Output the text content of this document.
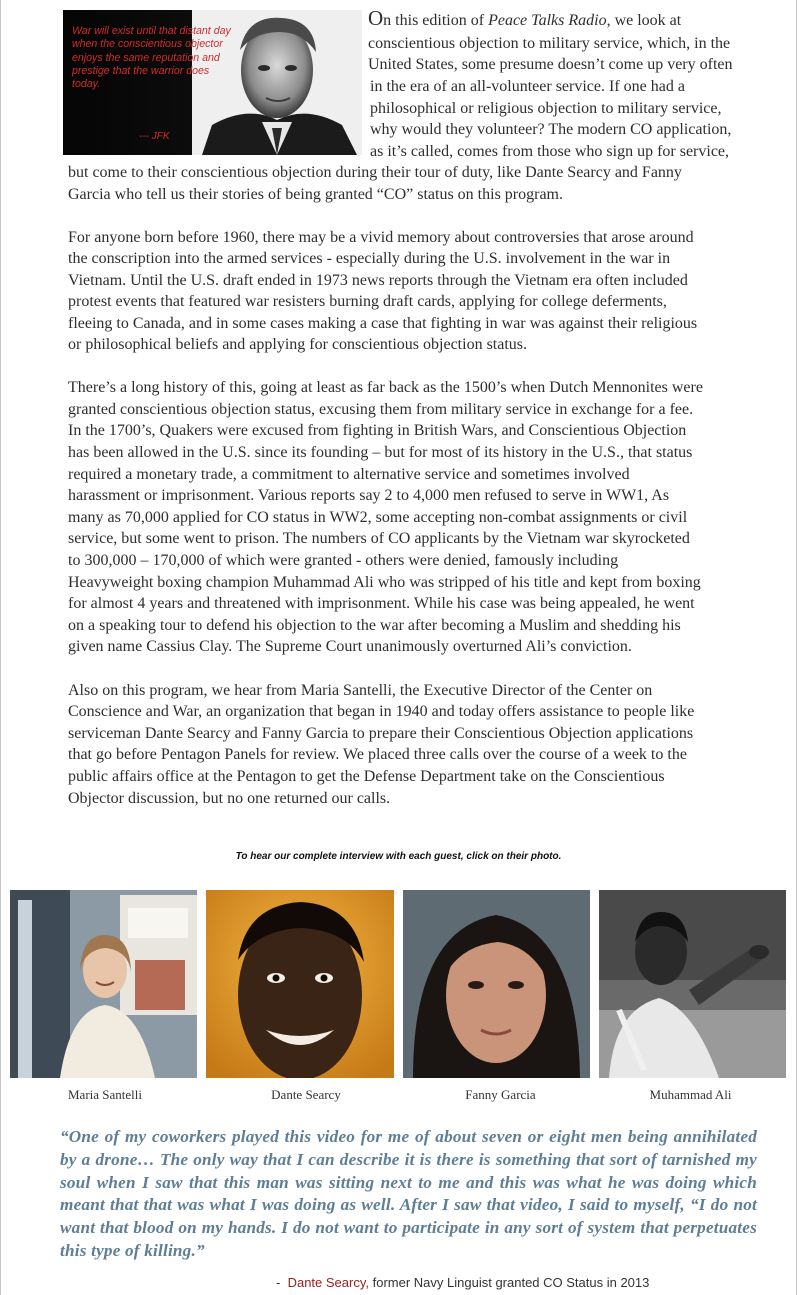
War will exist until that distant day when the conscientious objector enjoys the same reputation and prestige that the warrior does today.
--- JFK
On this edition of Peace Talks Radio, we look at
conscientious objection to military service, which, in the
United States, some presume doesn’t come up very often
in the era of an all-volunteer service. If one had a
philosophical or religious objection to military service,
why would they volunteer? The modern CO application,
as it’s called, comes from those who sign up for service,
but come to their conscientious objection during their tour of duty, like Dante Searcy and Fanny
Garcia who tell us their stories of being granted “CO” status on this program.
For anyone born before 1960, there may be a vivid memory about controversies that arose around
the conscription into the armed services - especially during the U.S. involvement in the war in
Vietnam. Until the U.S. draft ended in 1973 news reports through the Vietnam era often included
protest events that featured war resisters burning draft cards, applying for college deferments,
fleeing to Canada, and in some cases making a case that fighting in war was against their religious
or philosophical beliefs and applying for conscientious objection status.
There’s a long history of this, going at least as far back as the 1500’s when Dutch Mennonites were
granted conscientious objection status, excusing them from military service in exchange for a fee.
In the 1700’s, Quakers were excused from fighting in British Wars, and Conscientious Objection
has been allowed in the U.S. since its founding – but for most of its history in the U.S., that status
required a monetary trade, a commitment to alternative service and sometimes involved
harassment or imprisonment. Various reports say 2 to 4,000 men refused to serve in WW1, As
many as 70,000 applied for CO status in WW2, some accepting non-combat assignments or civil
service, but some went to prison. The numbers of CO applicants by the Vietnam war skyrocketed
to 300,000 – 170,000 of which were granted - others were denied, famously including
Heavyweight boxing champion Muhammad Ali who was stripped of his title and kept from boxing
for almost 4 years and threatened with imprisonment. While his case was being appealed, he went
on a speaking tour to defend his objection to the war after becoming a Muslim and shedding his
given name Cassius Clay. The Supreme Court unanimously overturned Ali’s conviction.
Also on this program, we hear from Maria Santelli, the Executive Director of the Center on
Conscience and War, an organization that began in 1940 and today offers assistance to people like
serviceman Dante Searcy and Fanny Garcia to prepare their Conscientious Objection applications
that go before Pentagon Panels for review. We placed three calls over the course of a week to the
public affairs office at the Pentagon to get the Defense Department take on the Conscientious
Objector discussion, but no one returned our calls.
To hear our complete interview with each guest, click on their photo.
Maria Santelli	Dante Searcy	Fanny Garcia	Muhammad Ali
“One of my coworkers played this video for me of about seven or eight men being annihilated by a drone… The only way that I can describe it is there is something that sort of tarnished my soul when I saw that this man was sitting next to me and this was what he was doing which meant that that was what I was doing as well. After I saw that video, I said to myself, “I do not want that blood on my hands. I do not want to participate in any sort of system that perpetuates this type of killing.”
- Dante Searcy, former Navy Linguist granted CO Status in 2013
